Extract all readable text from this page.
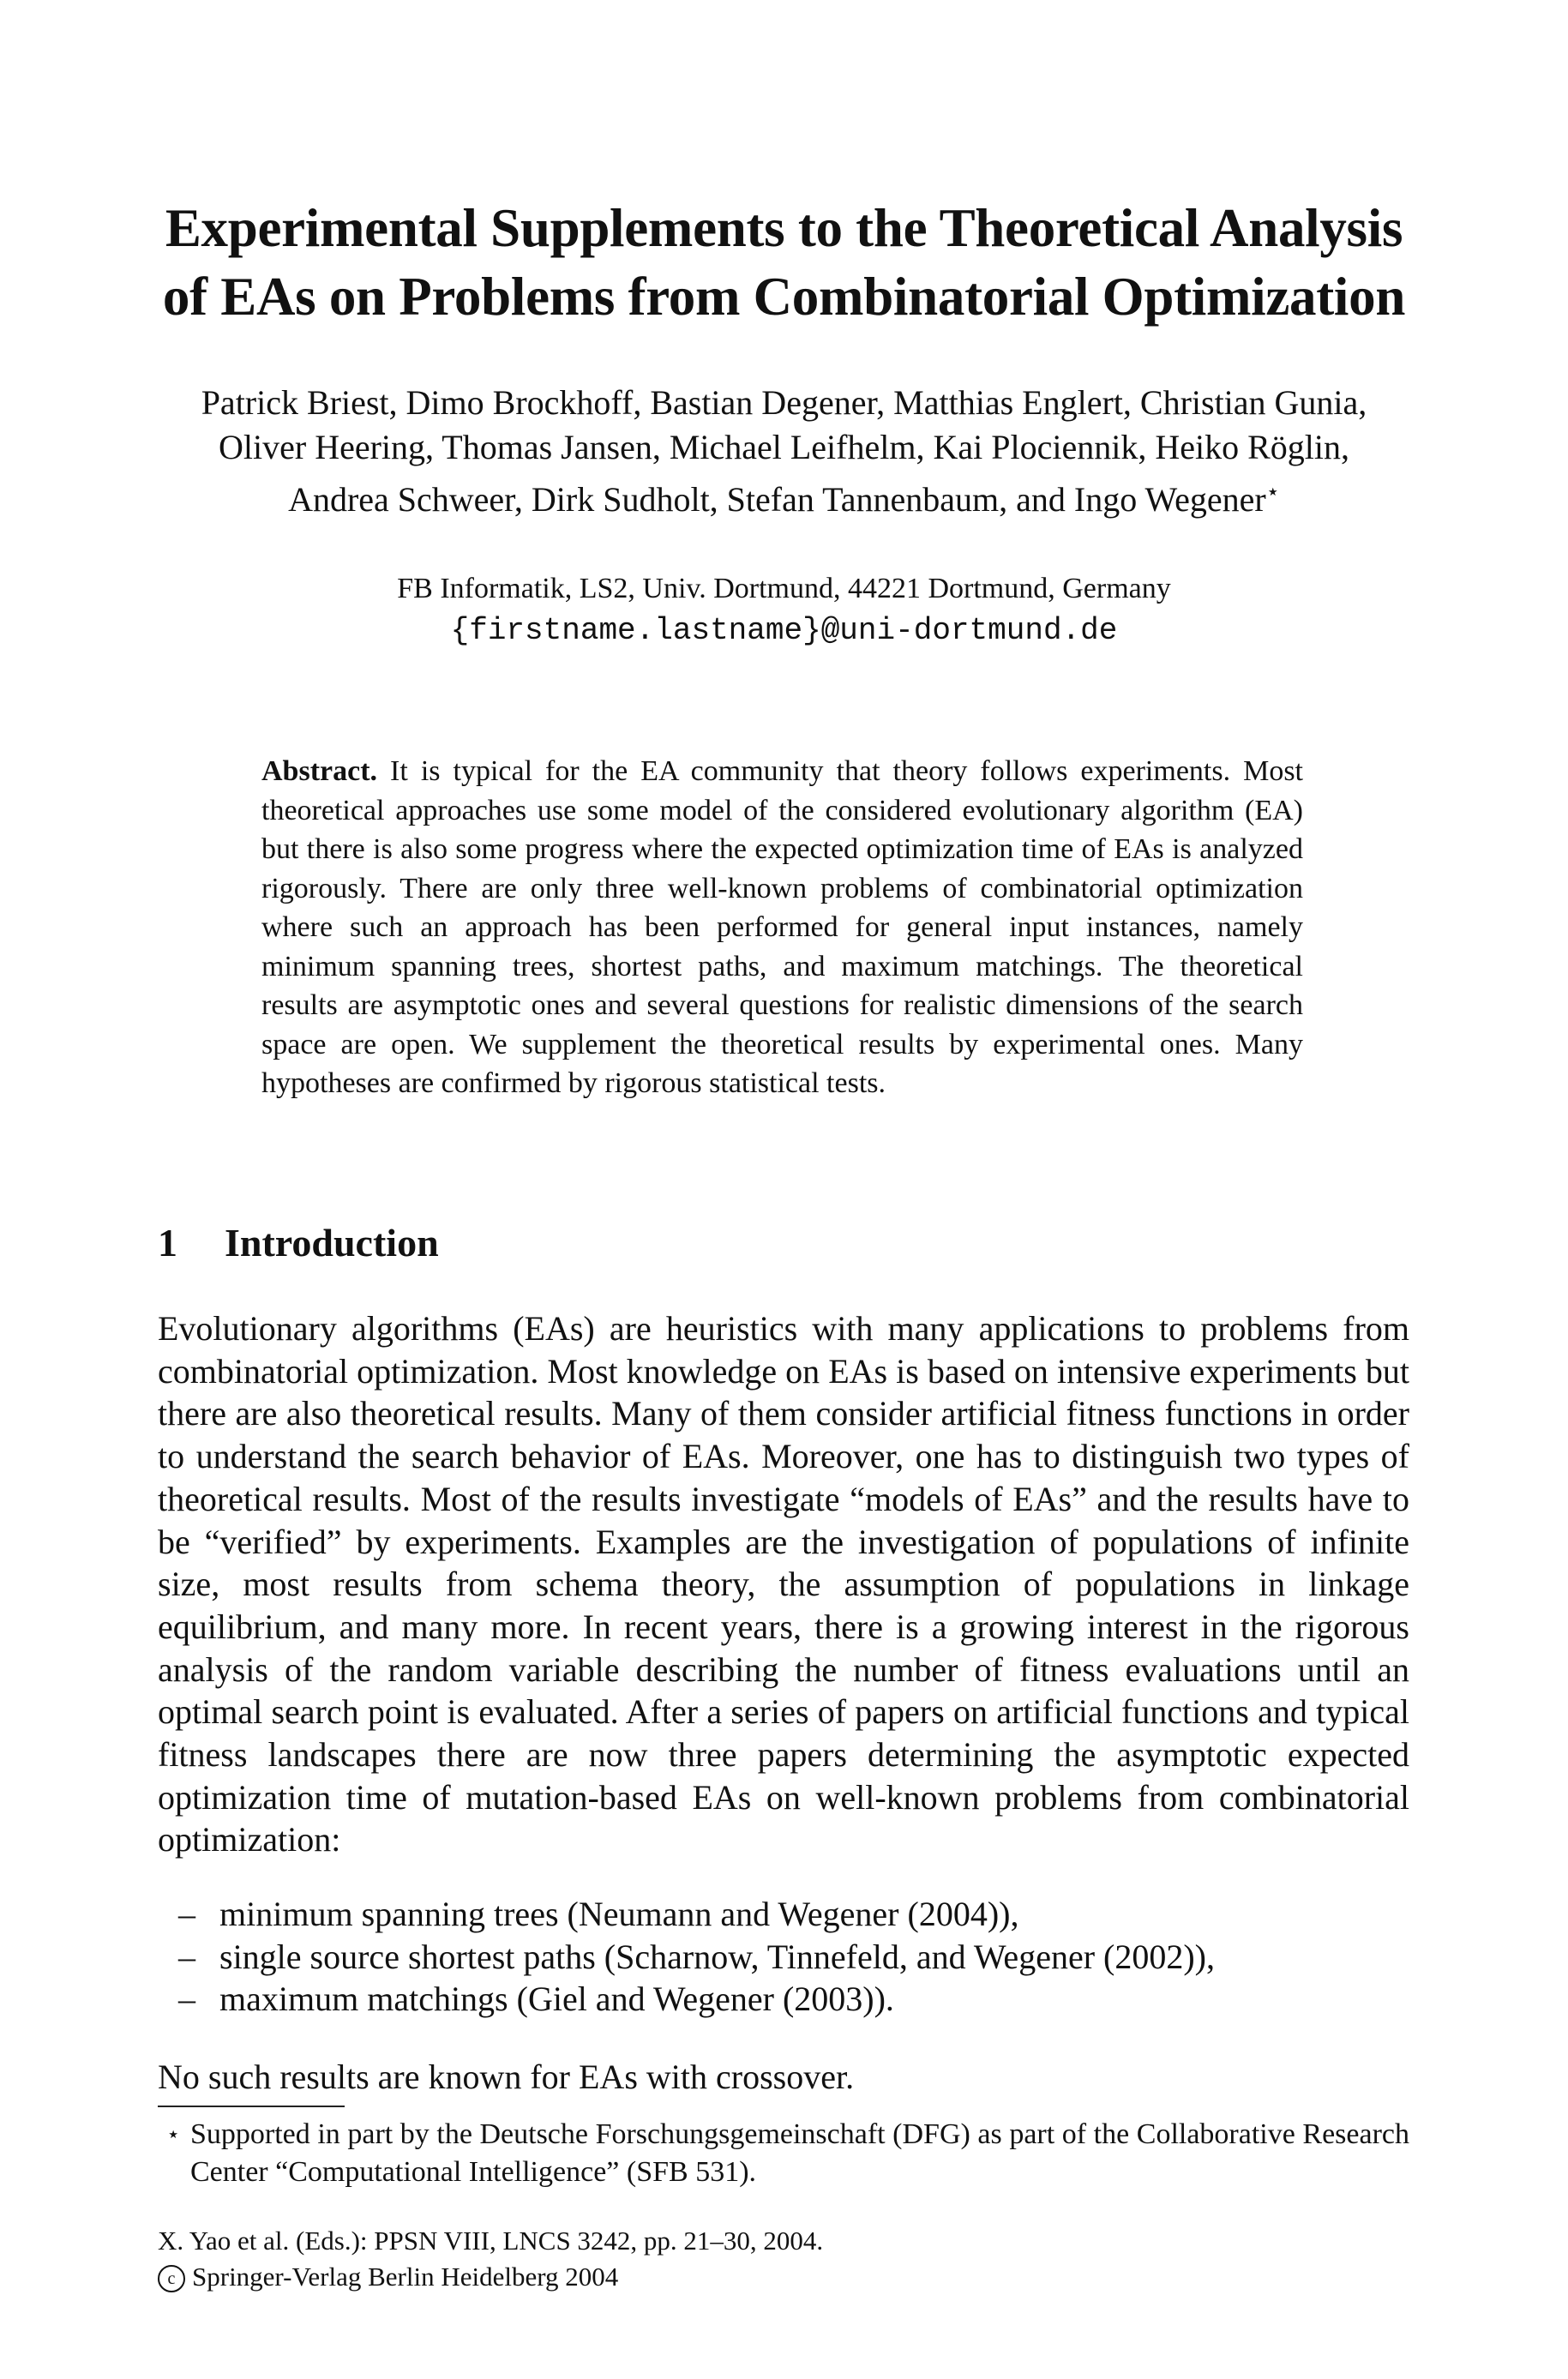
Experimental Supplements to the Theoretical Analysis
of EAs on Problems from Combinatorial Optimization
Patrick Briest, Dimo Brockhoff, Bastian Degener, Matthias Englert, Christian Gunia,
Oliver Heering, Thomas Jansen, Michael Leifhelm, Kai Plociennik, Heiko Röglin,
Andrea Schweer, Dirk Sudholt, Stefan Tannenbaum, and Ingo Wegener⋆
FB Informatik, LS2, Univ. Dortmund, 44221 Dortmund, Germany
{firstname.lastname}@uni-dortmund.de
Abstract. It is typical for the EA community that theory follows experiments. Most theoretical approaches use some model of the considered evolutionary algorithm (EA) but there is also some progress where the expected optimization time of EAs is analyzed rigorously. There are only three well-known problems of combinatorial optimization where such an approach has been performed for general input instances, namely minimum spanning trees, shortest paths, and maximum matchings. The theoretical results are asymptotic ones and several questions for realistic dimensions of the search space are open. We supplement the theoretical results by experimental ones. Many hypotheses are confirmed by rigorous statistical tests.
1 Introduction
Evolutionary algorithms (EAs) are heuristics with many applications to problems from combinatorial optimization. Most knowledge on EAs is based on intensive experiments but there are also theoretical results. Many of them consider artificial fitness functions in order to understand the search behavior of EAs. Moreover, one has to distinguish two types of theoretical results. Most of the results investigate “models of EAs” and the results have to be “verified” by experiments. Examples are the investigation of populations of infinite size, most results from schema theory, the assumption of populations in linkage equilibrium, and many more. In recent years, there is a growing interest in the rigorous analysis of the random variable describing the number of fitness evaluations until an optimal search point is evaluated. After a series of papers on artificial functions and typical fitness landscapes there are now three papers determining the asymptotic expected optimization time of mutation-based EAs on well-known problems from combinatorial optimization:
– minimum spanning trees (Neumann and Wegener (2004)),
– single source shortest paths (Scharnow, Tinnefeld, and Wegener (2002)),
– maximum matchings (Giel and Wegener (2003)).
No such results are known for EAs with crossover.
⋆ Supported in part by the Deutsche Forschungsgemeinschaft (DFG) as part of the Collaborative Research Center “Computational Intelligence” (SFB 531).
X. Yao et al. (Eds.): PPSN VIII, LNCS 3242, pp. 21–30, 2004.
c Springer-Verlag Berlin Heidelberg 2004
